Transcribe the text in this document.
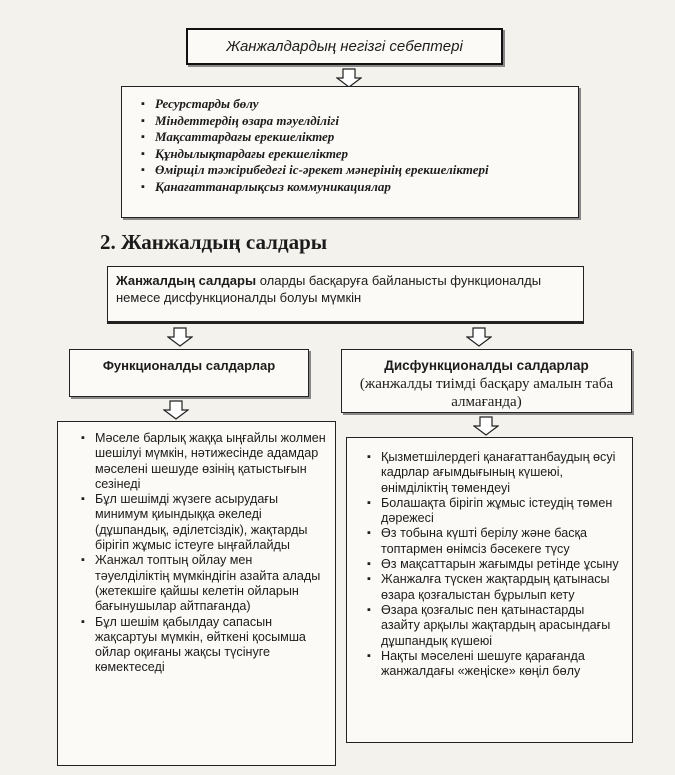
Жанжалдардың негізгі себептері
▪ Ресурстарды бөлу
▪ Міндеттердің өзара тәуелділігі
▪ Мақсаттардағы ерекшеліктер
▪ Құндылықтардағы ерекшеліктер
▪ Өмірщіл тәжірибедегі іс-әрекет мәнерінің ерекшеліктері
▪ Қанағаттанарлықсыз коммуникациялар
2. Жанжалдың салдары
Жанжалдың салдары оларды басқаруға байланысты функционалды немесе дисфункционалды болуы мүмкін
Функционалды салдарлар	Дисфункционалды салдарлар
(жанжалды тиімді басқару амалын таба алмағанда)
▪ Мәселе барлық жаққа ыңғайлы жолмен шешілуі мүмкін, нәтижесінде адамдар мәселені шешуде өзінің қатыстығын сезінеді
▪ Бұл шешімді жүзеге асырудағы минимум қиындыққа әкеледі (дұшпандық, әділетсіздік), жақтарды бірігіп жұмыс істеуге ыңғайлайды
▪ Жанжал топтың ойлау мен тәуелділіктің мүмкіндігін азайта алады (жетекшіге қайшы келетін ойларын бағынушылар айтпағанда)
▪ Бұл шешім қабылдау сапасын жақсартуы мүмкін, өйткені қосымша ойлар оқиғаны жақсы түсінуге көмектеседі
▪ Қызметшілердегі қанағаттанбаудың өсуі кадрлар ағымдығының күшеюі, өнімділіктің төмендеуі
▪ Болашақта бірігіп жұмыс істеудің төмен дәрежесі
▪ Өз тобына күшті берілу және басқа топтармен өнімсіз бәсекеге түсу
▪ Өз мақсаттарын жағымды ретінде ұсыну
▪ Жанжалға түскен жақтардың қатынасы өзара қозғалыстан бұрылып кету
▪ Өзара қозғалыс пен қатынастарды азайту арқылы жақтардың арасындағы дұшпандық күшеюі
▪ Нақты мәселені шешуге қарағанда жанжалдағы «жеңіске» көңіл бөлу
